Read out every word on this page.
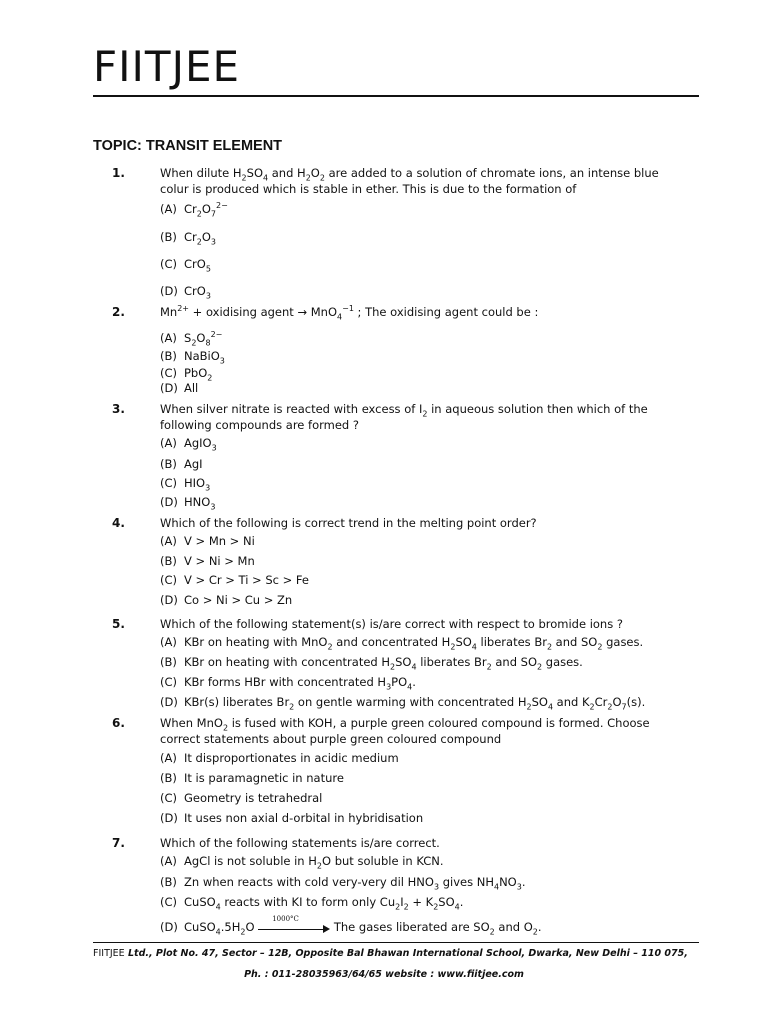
FIITJEE
TOPIC: TRANSIT ELEMENT
1.	When dilute $H_2SO_4$ and $H_2O_2$ are added to a solution of chromate ions, an intense blue colur is produced which is stable in ether. This is due to the formation of
(A) $Cr_2O_7^{2-}$
(B) $Cr_2O_3$
(C) CrO$_5$
(D) CrO$_3$
2.	$Mn^{2+}$ + oxidising agent → MnO$_4^{-1}$ ; The oxidising agent could be :
(A) $S_2O_8^{2-}$
(B) NaBiO$_3$
(C) PbO$_2$
(D) All
3.	When silver nitrate is reacted with excess of $I_2$ in aqueous solution then which of the following compounds are formed ?
(A) AgIO$_3$
(B) AgI
(C) $HIO_3$
(D) $HNO_3$
4.	Which of the following is correct trend in the melting point order?
(A) V > Mn > Ni
(B) V > Ni > Mn
(C) V > Cr > Ti > Sc > Fe
(D) Co > Ni > Cu > Zn
5.	Which of the following statement(s) is/are correct with respect to bromide ions ?
(A) KBr on heating with MnO$_2$ and concentrated $H_2SO_4$ liberates $Br_2$ and $SO_2$ gases.
(B) KBr on heating with concentrated $H_2SO_4$ liberates $Br_2$ and $SO_2$ gases.
(C) KBr forms HBr with concentrated $H_3PO_4$.
(D) KBr(s) liberates $Br_2$ on gentle warming with concentrated $H_2SO_4$ and $K_2Cr_2O_7(s)$.
6.	When MnO$_2$ is fused with KOH, a purple green coloured compound is formed. Choose correct statements about purple green coloured compound
(A) It disproportionates in acidic medium
(B) It is paramagnetic in nature
(C) Geometry is tetrahedral
(D) It uses non axial d-orbital in hybridisation
7.	Which of the following statements is/are correct.
(A) AgCl is not soluble in $H_2O$ but soluble in KCN.
(B) Zn when reacts with cold very-very dil $HNO_3$ gives $NH_4NO_3$.
(C) CuSO$_4$ reacts with KI to form only $Cu_2I_2 + K_2SO_4$.
(D) $CuSO_4.5H_2O$
1000°C
The gases liberated are $SO_2$ and $O_2$.
FIITJEE Ltd., Plot No. 47, Sector – 12B, Opposite Bal Bhawan International School, Dwarka, New Delhi – 110 075,
Ph. : 011-28035963/64/65 website : www.fiitjee.com
